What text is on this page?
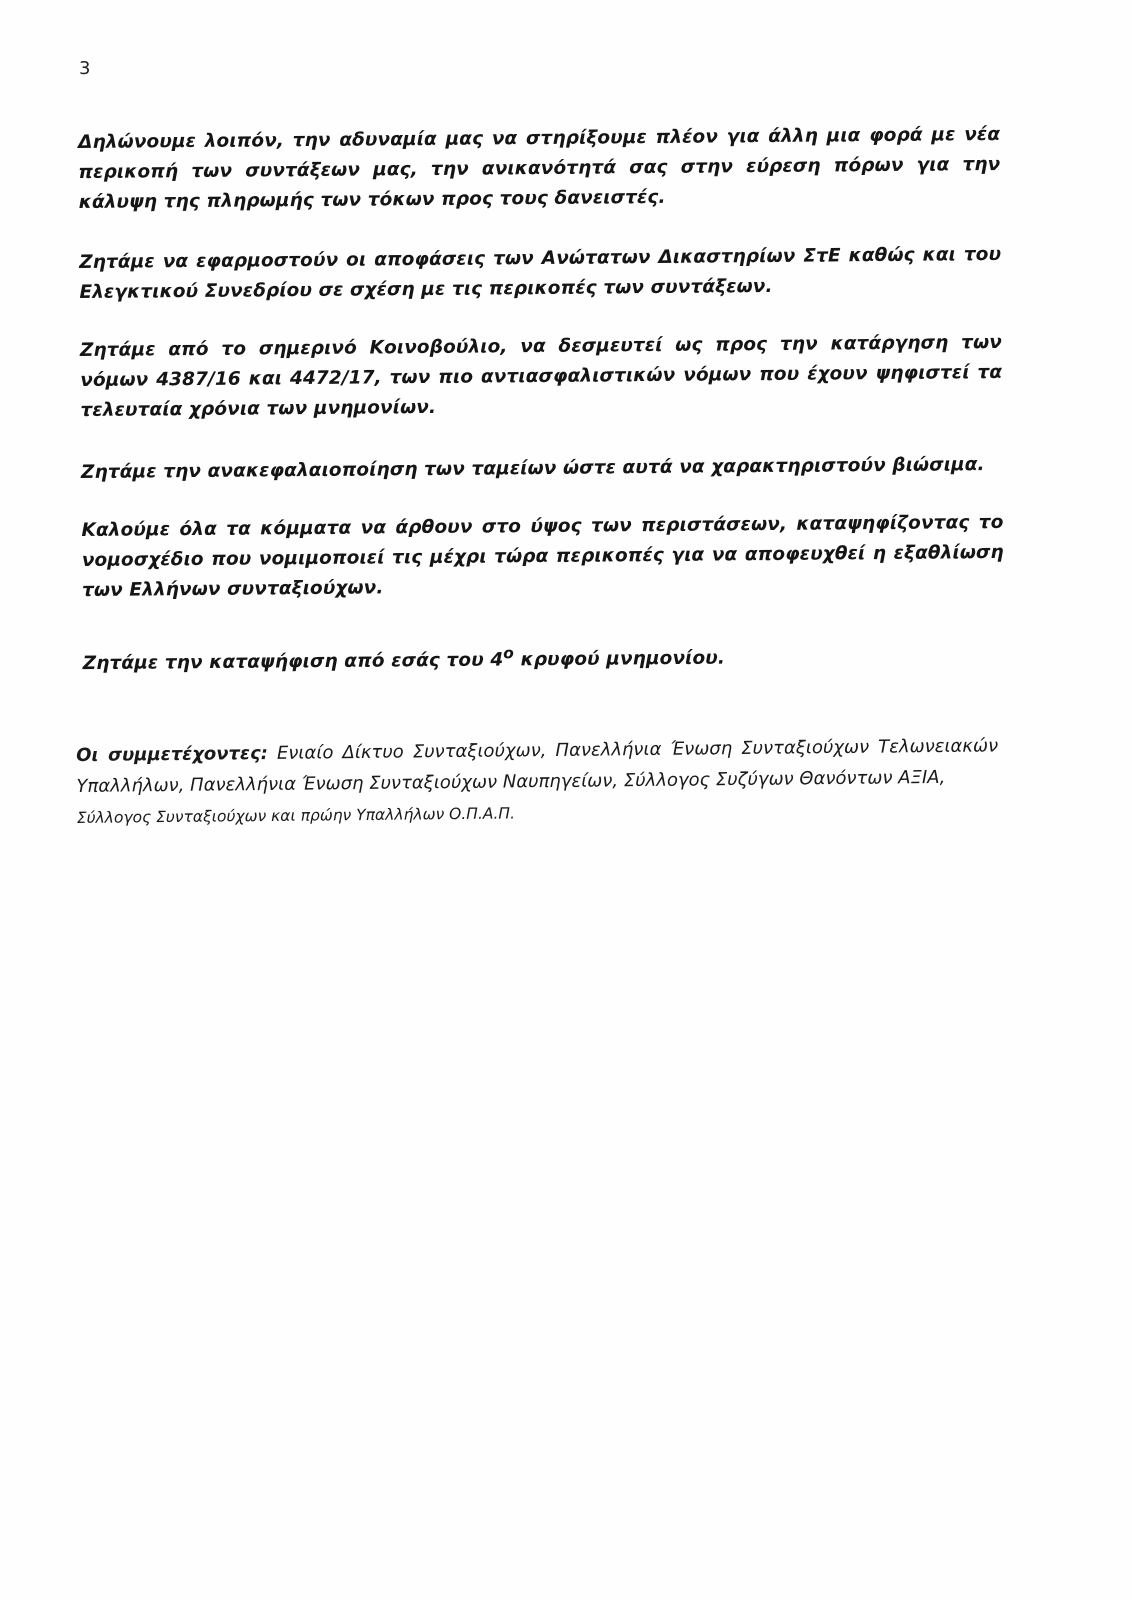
3

Δηλώνουμε λοιπόν, την αδυναμία μας να στηρίξουμε πλέον για άλλη μια φορά με νέα περικοπή των συντάξεων μας, την ανικανότητά σας στην εύρεση πόρων για την κάλυψη της πληρωμής των τόκων προς τους δανειστές.

Ζητάμε να εφαρμοστούν οι αποφάσεις των Ανώτατων Δικαστηρίων ΣτΕ καθώς και του Ελεγκτικού Συνεδρίου σε σχέση με τις περικοπές των συντάξεων.

Ζητάμε από το σημερινό Κοινοβούλιο, να δεσμευτεί ως προς την κατάργηση των νόμων 4387/16 και 4472/17, των πιο αντιασφαλιστικών νόμων που έχουν ψηφιστεί τα τελευταία χρόνια των μνημονίων.

Ζητάμε την ανακεφαλαιοποίηση των ταμείων ώστε αυτά να χαρακτηριστούν βιώσιμα.

Καλούμε όλα τα κόμματα να άρθουν στο ύψος των περιστάσεων, καταψηφίζοντας το νομοσχέδιο που νομιμοποιεί τις μέχρι τώρα περικοπές για να αποφευχθεί η εξαθλίωση των Ελλήνων συνταξιούχων.

Ζητάμε την καταψήφιση από εσάς του $4^o$ κρυφού μνημονίου.

Οι συμμετέχοντες: Ενιαίο Δίκτυο Συνταξιούχων, Πανελλήνια Ένωση Συνταξιούχων Τελωνειακών Υπαλλήλων, Πανελλήνια Ένωση Συνταξιούχων Ναυπηγείων, Σύλλογος Συζύγων Θανόντων ΑΞΙΑ,
Σύλλογος Συνταξιούχων και πρώην Υπαλλήλων Ο.Π.Α.Π.
